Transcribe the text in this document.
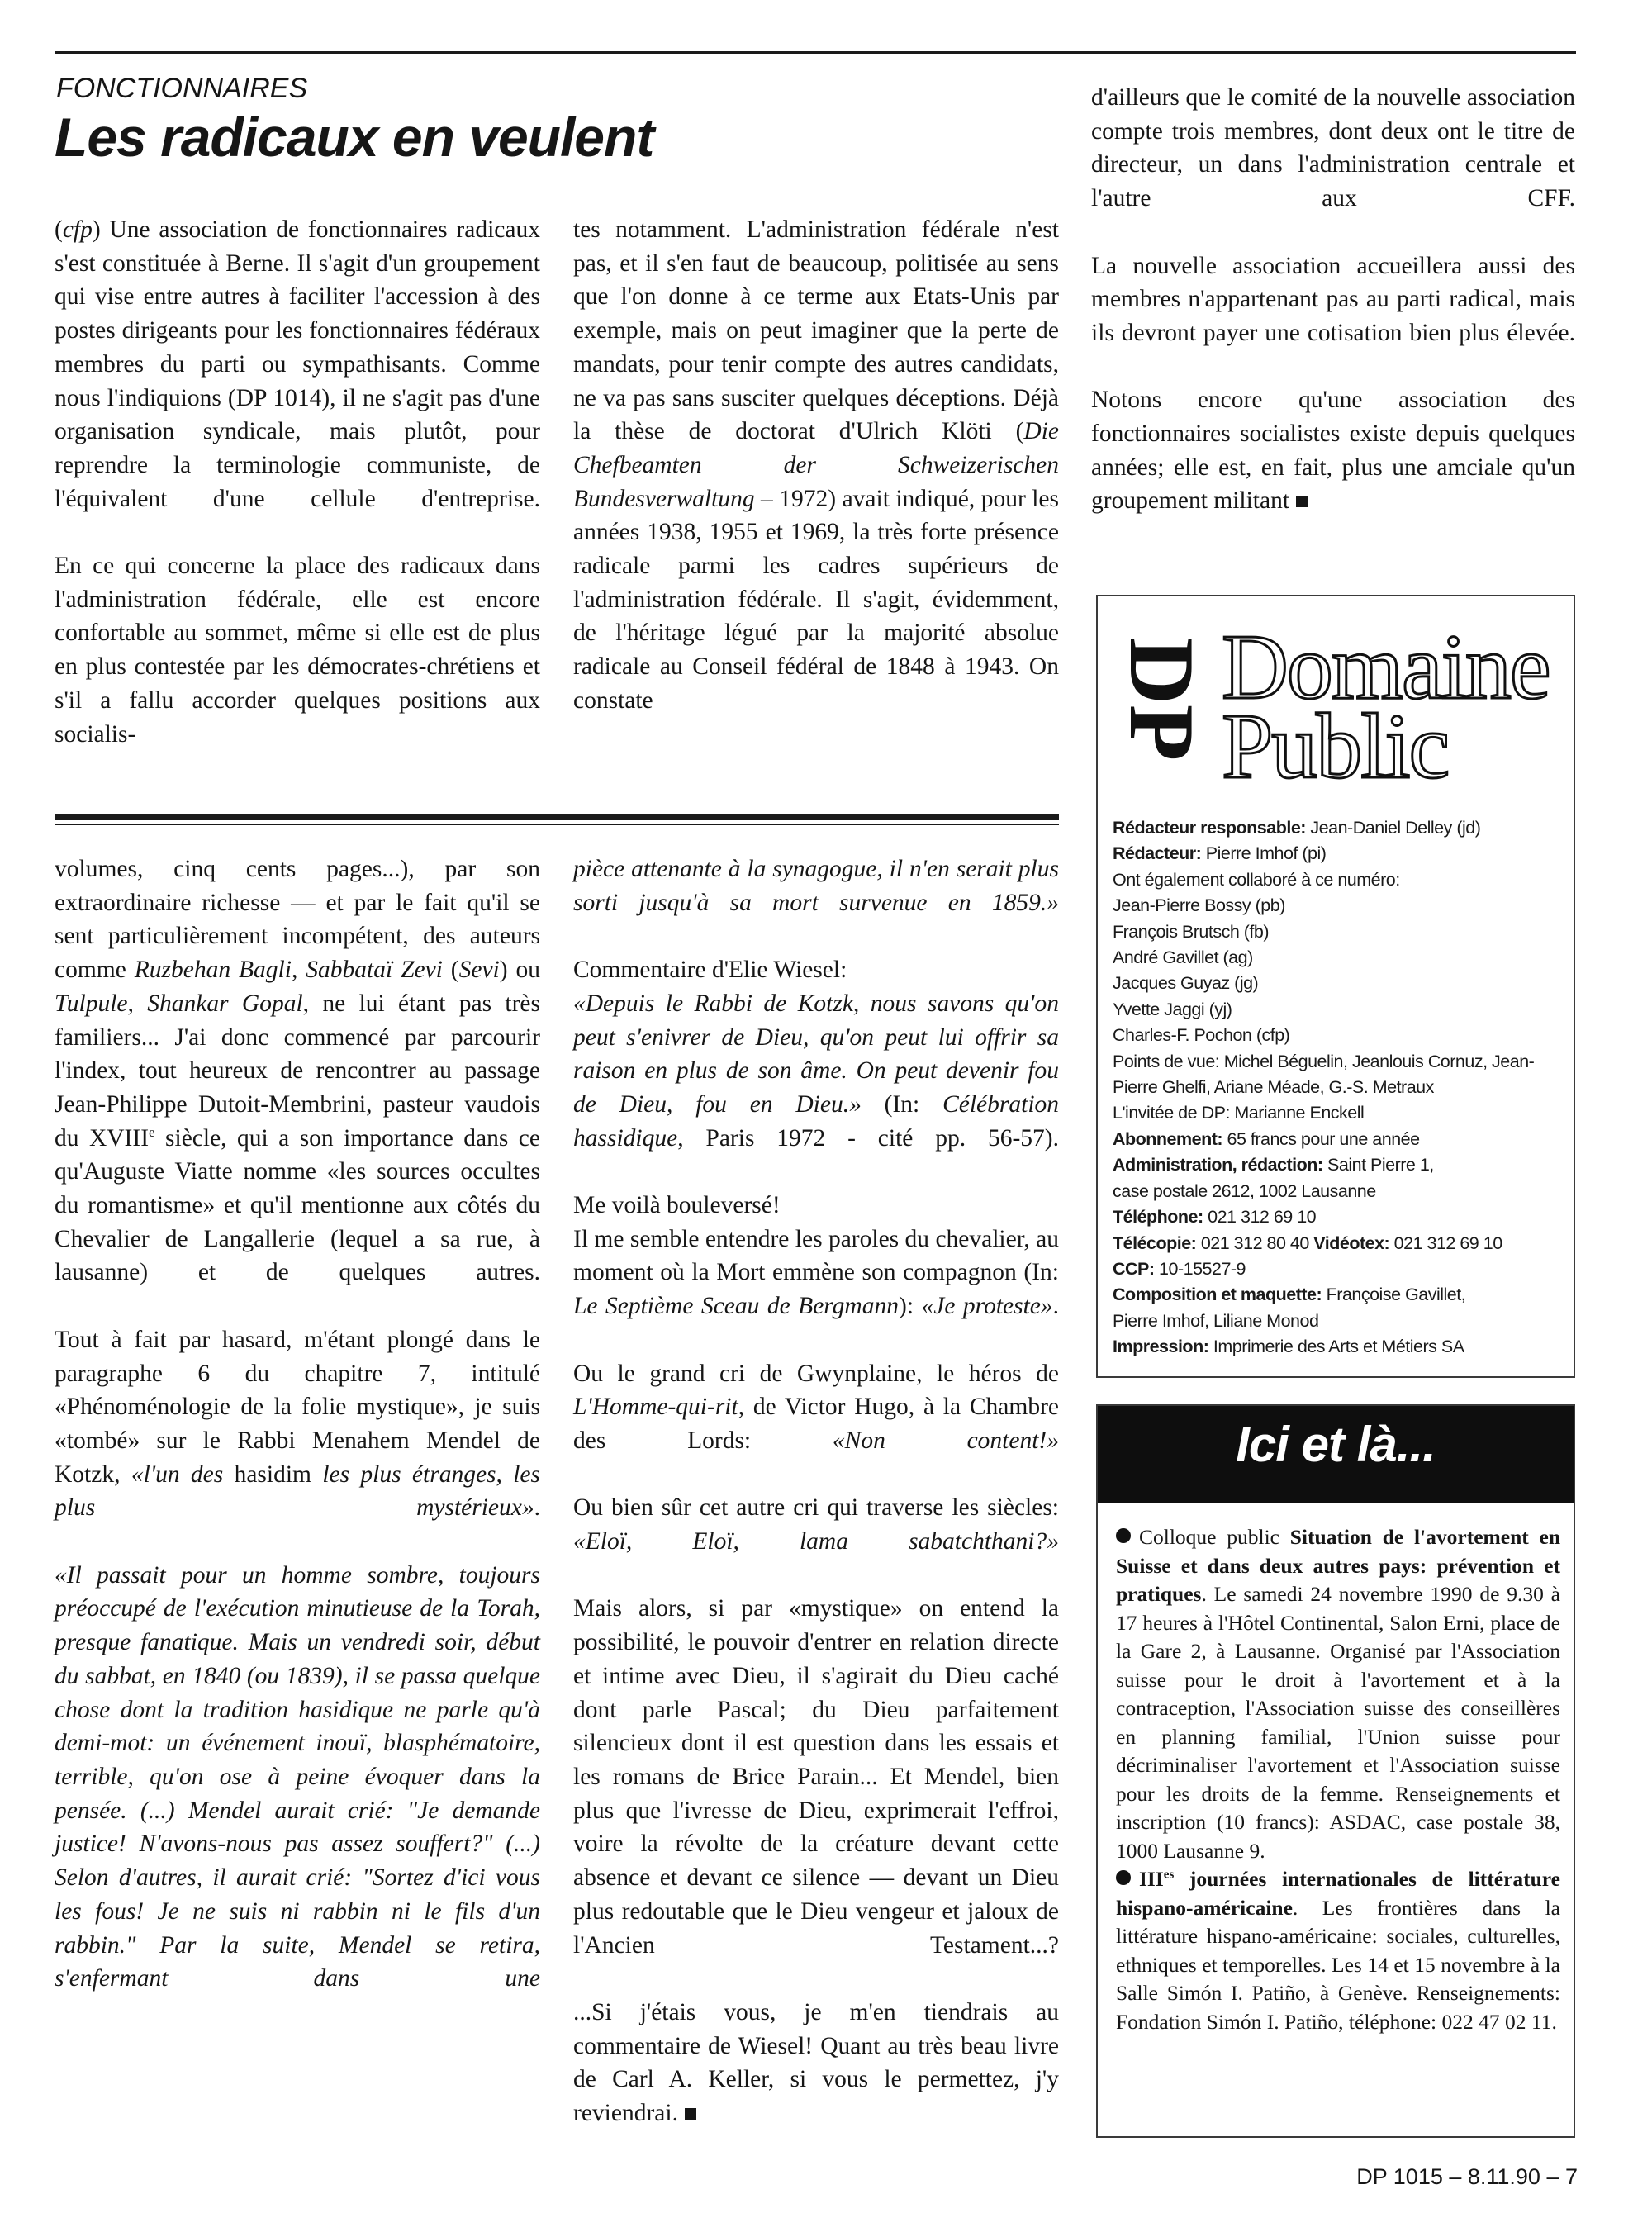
FONCTIONNAIRES
Les radicaux en veulent

(cfp) Une association de fonctionnaires radicaux s'est constituée à Berne. Il s'agit d'un groupement qui vise entre autres à faciliter l'accession à des postes dirigeants pour les fonctionnaires fédéraux membres du parti ou sympathisants. Comme nous l'indiquions (DP 1014), il ne s'agit pas d'une organisation syndicale, mais plutôt, pour reprendre la terminologie communiste, de l'équivalent d'une cellule d'entreprise.

En ce qui concerne la place des radicaux dans l'administration fédérale, elle est encore confortable au sommet, même si elle est de plus en plus contestée par les démocrates-chrétiens et s'il a fallu accorder quelques positions aux socialis-

tes notamment. L'administration fédérale n'est pas, et il s'en faut de beaucoup, politisée au sens que l'on donne à ce terme aux Etats-Unis par exemple, mais on peut imaginer que la perte de mandats, pour tenir compte des autres candidats, ne va pas sans susciter quelques déceptions. Déjà la thèse de doctorat d'Ulrich Klöti (Die Chefbeamten der Schweizerischen Bundesverwaltung – 1972) avait indiqué, pour les années 1938, 1955 et 1969, la très forte présence radicale parmi les cadres supérieurs de l'administration fédérale. Il s'agit, évidemment, de l'héritage légué par la majorité absolue radicale au Conseil fédéral de 1848 à 1943. On constate

d'ailleurs que le comité de la nouvelle association compte trois membres, dont deux ont le titre de directeur, un dans l'administration centrale et l'autre aux CFF.

La nouvelle association accueillera aussi des membres n'appartenant pas au parti radical, mais ils devront payer une cotisation bien plus élevée.

Notons encore qu'une association des fonctionnaires socialistes existe depuis quelques années; elle est, en fait, plus une amciale qu'un groupement militant

volumes, cinq cents pages...), par son extraordinaire richesse — et par le fait qu'il se sent particulièrement incompétent, des auteurs comme Ruzbehan Bagli, Sabbataï Zevi (Sevi) ou Tulpule, Shankar Gopal, ne lui étant pas très familiers... J'ai donc commencé par parcourir l'index, tout heureux de rencontrer au passage Jean-Philippe Dutoit-Membrini, pasteur vaudois du XVIIIe siècle, qui a son importance dans ce qu'Auguste Viatte nomme «les sources occultes du romantisme» et qu'il mentionne aux côtés du Chevalier de Langallerie (lequel a sa rue, à lausanne) et de quelques autres.

Tout à fait par hasard, m'étant plongé dans le paragraphe 6 du chapitre 7, intitulé «Phénoménologie de la folie mystique», je suis «tombé» sur le Rabbi Menahem Mendel de Kotzk, «l'un des hasidim les plus étranges, les plus mystérieux».

«Il passait pour un homme sombre, toujours préoccupé de l'exécution minutieuse de la Torah, presque fanatique. Mais un vendredi soir, début du sabbat, en 1840 (ou 1839), il se passa quelque chose dont la tradition hasidique ne parle qu'à demi-mot: un événement inouï, blasphématoire, terrible, qu'on ose à peine évoquer dans la pensée. (...) Mendel aurait crié: "Je demande justice! N'avons-nous pas assez souffert?" (...) Selon d'autres, il aurait crié: "Sortez d'ici vous les fous! Je ne suis ni rabbin ni le fils d'un rabbin." Par la suite, Mendel se retira, s'enfermant dans une

pièce attenante à la synagogue, il n'en serait plus sorti jusqu'à sa mort survenue en 1859.»

Commentaire d'Elie Wiesel:

«Depuis le Rabbi de Kotzk, nous savons qu'on peut s'enivrer de Dieu, qu'on peut lui offrir sa raison en plus de son âme. On peut devenir fou de Dieu, fou en Dieu.» (In: Célébration hassidique, Paris 1972 - cité pp. 56-57).

Me voilà bouleversé!

Il me semble entendre les paroles du chevalier, au moment où la Mort emmène son compagnon (In: Le Septième Sceau de Bergmann): «Je proteste».

Ou le grand cri de Gwynplaine, le héros de L'Homme-qui-rit, de Victor Hugo, à la Chambre des Lords: «Non content!»

Ou bien sûr cet autre cri qui traverse les siècles: «Eloï, Eloï, lama sabatchthani?»

Mais alors, si par «mystique» on entend la possibilité, le pouvoir d'entrer en relation directe et intime avec Dieu, il s'agirait du Dieu caché dont parle Pascal; du Dieu parfaitement silencieux dont il est question dans les essais et les romans de Brice Parain... Et Mendel, bien plus que l'ivresse de Dieu, exprimerait l'effroi, voire la révolte de la créature devant cette absence et devant ce silence — devant un Dieu plus redoutable que le Dieu vengeur et jaloux de l'Ancien Testament...?

...Si j'étais vous, je m'en tiendrais au commentaire de Wiesel! Quant au très beau livre de Carl A. Keller, si vous le permettez, j'y reviendrai.

DP Domaine
Public
Rédacteur responsable: Jean-Daniel Delley (jd)
Rédacteur: Pierre Imhof (pi)
Ont également collaboré à ce numéro:
Jean-Pierre Bossy (pb)
François Brutsch (fb)
André Gavillet (ag)
Jacques Guyaz (jg)
Yvette Jaggi (yj)
Charles-F. Pochon (cfp)
Points de vue: Michel Béguelin, Jeanlouis Cornuz, Jean-
Pierre Ghelfi, Ariane Méade, G.-S. Metraux
L'invitée de DP: Marianne Enckell
Abonnement: 65 francs pour une année
Administration, rédaction: Saint Pierre 1,
case postale 2612, 1002 Lausanne
Téléphone: 021 312 69 10
Télécopie: 021 312 80 40 Vidéotex: 021 312 69 10
CCP: 10-15527-9
Composition et maquette: Françoise Gavillet,
Pierre Imhof, Liliane Monod
Impression: Imprimerie des Arts et Métiers SA
Ici et là...

Colloque public Situation de l'avortement en Suisse et dans deux autres pays: prévention et pratiques. Le samedi 24 novembre 1990 de 9.30 à 17 heures à l'Hôtel Continental, Salon Erni, place de la Gare 2, à Lausanne. Organisé par l'Association suisse pour le droit à l'avortement et à la contraception, l'Association suisse des conseillères en planning familial, l'Union suisse pour décriminaliser l'avortement et l'Association suisse pour les droits de la femme. Renseignements et inscription (10 francs): ASDAC, case postale 38, 1000 Lausanne 9.

$III^{es}$ journées internationales de littérature hispano-américaine. Les frontières dans la littérature hispano-américaine: sociales, culturelles, ethniques et temporelles. Les 14 et 15 novembre à la Salle Simón I. Patiño, à Genève. Renseignements: Fondation Simón I. Patiño, téléphone: 022 47 02 11.

DP 1015 – 8.11.90 – 7
